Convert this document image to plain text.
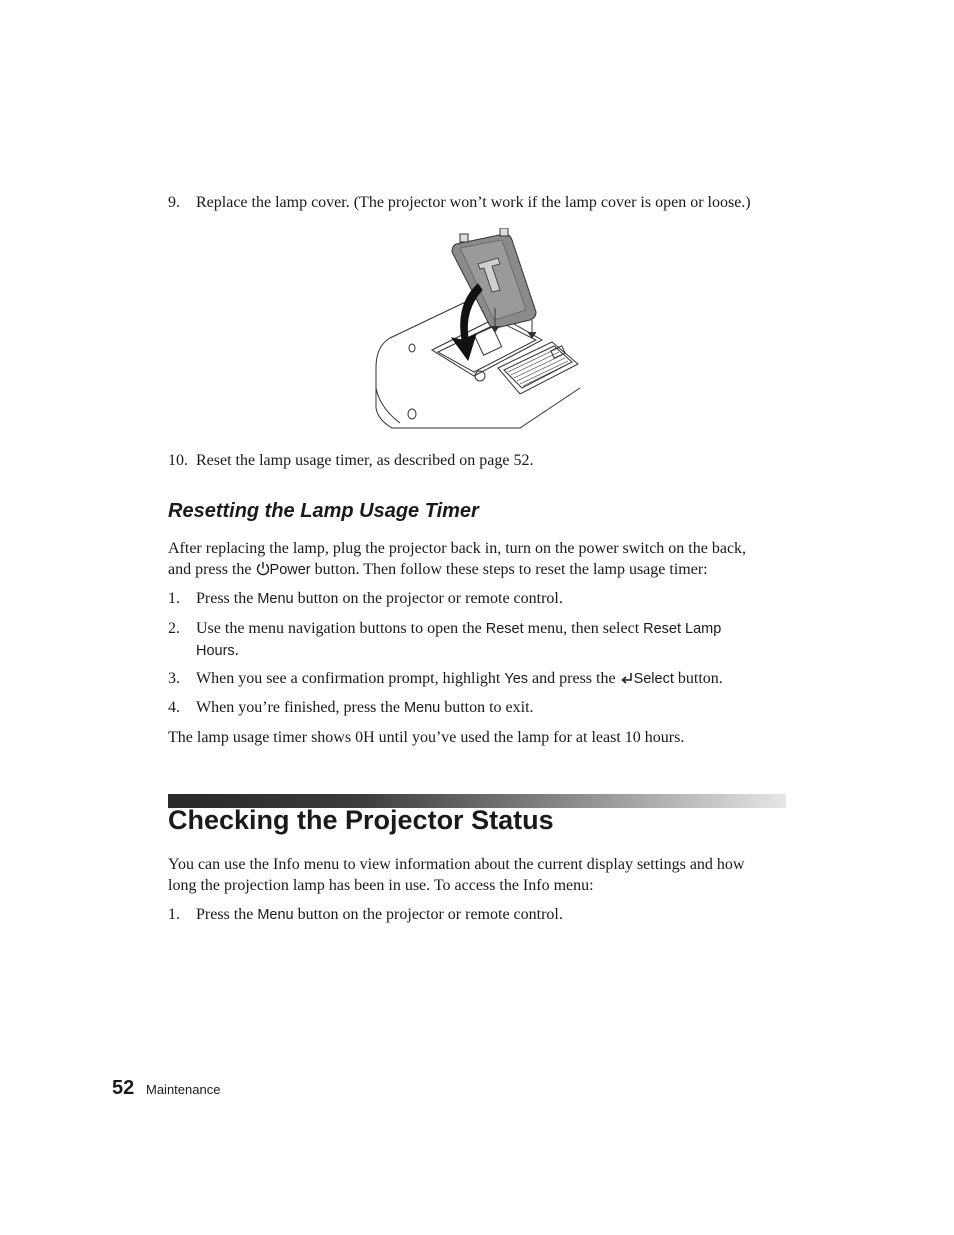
9. Replace the lamp cover. (The projector won’t work if the lamp cover is open or loose.)
10. Reset the lamp usage timer, as described on page 52.
Resetting the Lamp Usage Timer
After replacing the lamp, plug the projector back in, turn on the power switch on the back,
and press the Power button. Then follow these steps to reset the lamp usage timer:
1. Press the Menu button on the projector or remote control.
2. Use the menu navigation buttons to open the Reset menu, then select Reset Lamp
Hours.
3. When you see a confirmation prompt, highlight Yes and press the Select button.
4. When you’re finished, press the Menu button to exit.
The lamp usage timer shows 0H until you’ve used the lamp for at least 10 hours.
Checking the Projector Status
You can use the Info menu to view information about the current display settings and how
long the projection lamp has been in use. To access the Info menu:
1. Press the Menu button on the projector or remote control.
52 Maintenance
